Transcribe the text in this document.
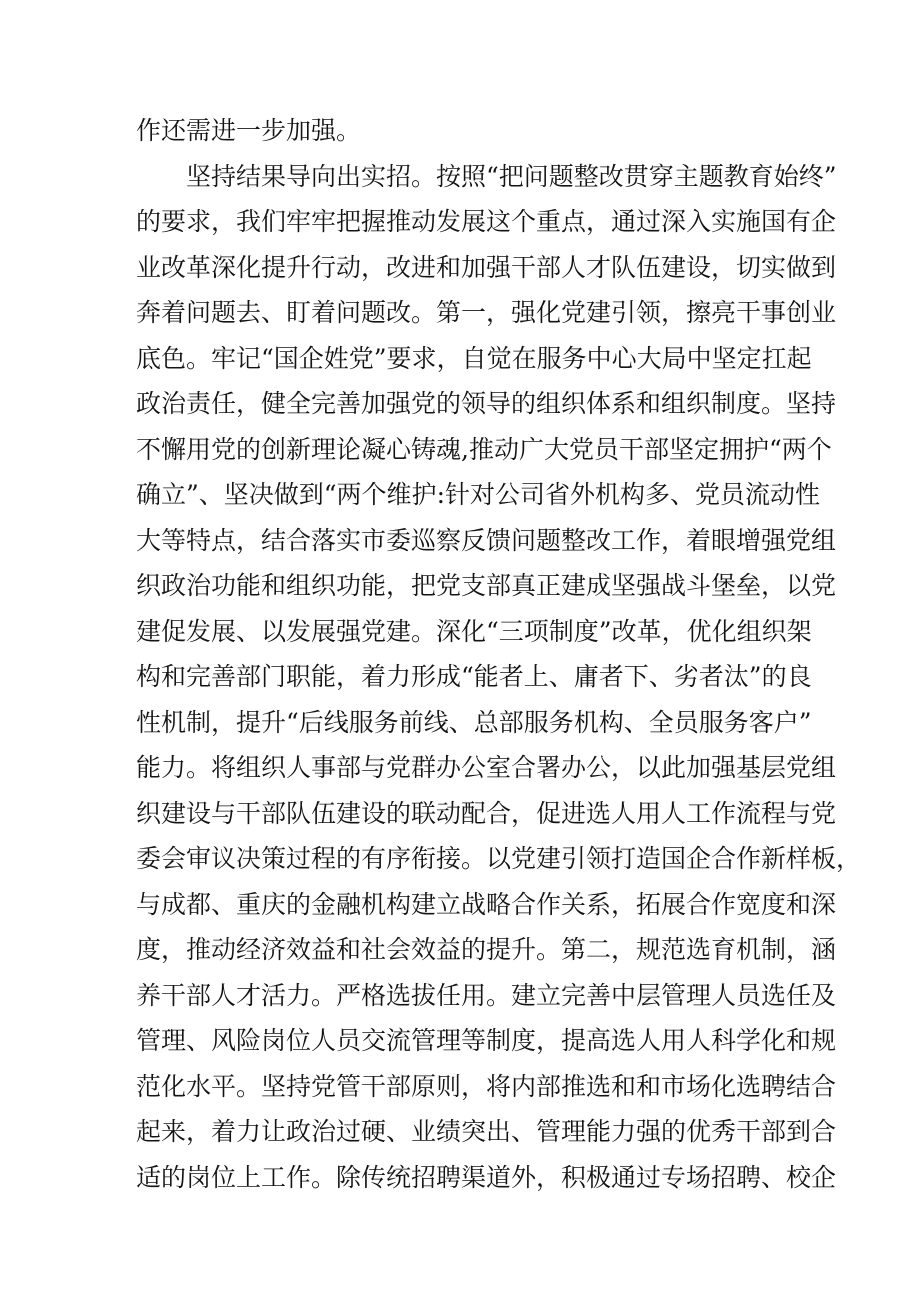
作还需进一步加强。
坚持结果导向出实招。按照“把问题整改贯穿主题教育始终”
的要求，我们牢牢把握推动发展这个重点，通过深入实施国有企
业改革深化提升行动，改进和加强干部人才队伍建设，切实做到
奔着问题去、盯着问题改。第一，强化党建引领，擦亮干事创业
底色。牢记“国企姓党”要求，自觉在服务中心大局中坚定扛起
政治责任，健全完善加强党的领导的组织体系和组织制度。坚持
不懈用党的创新理论凝心铸魂,推动广大党员干部坚定拥护“两个
确立”、坚决做到“两个维护:针对公司省外机构多、党员流动性
大等特点，结合落实市委巡察反馈问题整改工作，着眼增强党组
织政治功能和组织功能，把党支部真正建成坚强战斗堡垒，以党
建促发展、以发展强党建。深化“三项制度”改革，优化组织架
构和完善部门职能，着力形成“能者上、庸者下、劣者汰”的良
性机制，提升“后线服务前线、总部服务机构、全员服务客户”
能力。将组织人事部与党群办公室合署办公，以此加强基层党组
织建设与干部队伍建设的联动配合，促进选人用人工作流程与党
委会审议决策过程的有序衔接。以党建引领打造国企合作新样板，
与成都、重庆的金融机构建立战略合作关系，拓展合作宽度和深
度，推动经济效益和社会效益的提升。第二，规范选育机制，涵
养干部人才活力。严格选拔任用。建立完善中层管理人员选任及
管理、风险岗位人员交流管理等制度，提高选人用人科学化和规
范化水平。坚持党管干部原则，将内部推选和和市场化选聘结合
起来，着力让政治过硬、业绩突出、管理能力强的优秀干部到合
适的岗位上工作。除传统招聘渠道外，积极通过专场招聘、校企
